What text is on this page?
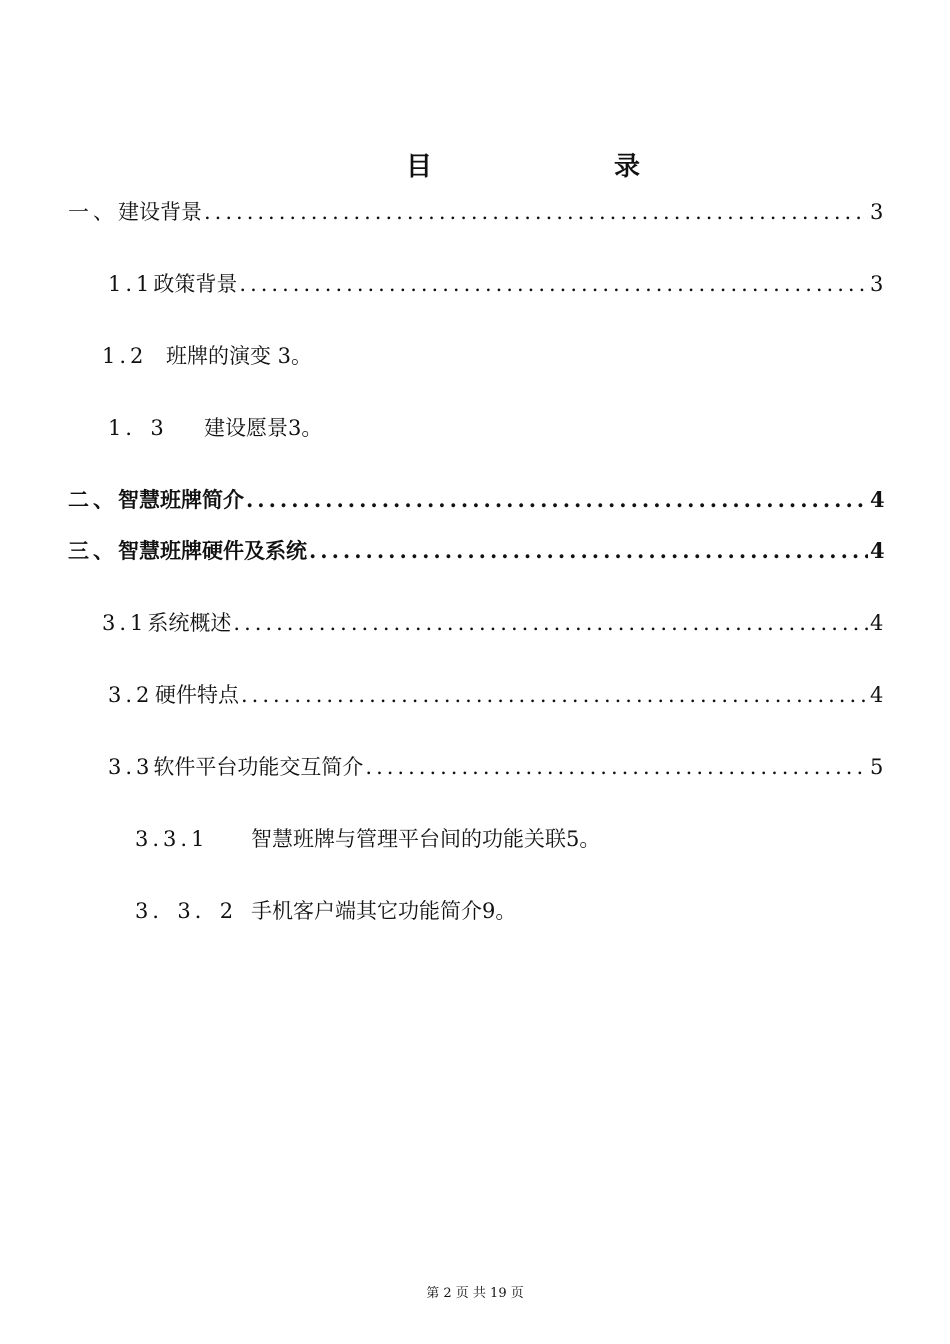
目　录
一、 建设背景 .....	3
1.1 政策背景 .....	3
1.2 班牌的演变 3。
1．3	建设愿景3。
二、 智慧班牌简介 .....	4
三、 智慧班牌硬件及系统 .....	4
3.1 系统概述 .....	4
3.2 硬件特点 .....	4
3.3 软件平台功能交互简介 .....	5
3.3.1	智慧班牌与管理平台间的功能关联5。
3．3．2 手机客户端其它功能简介9。
第 2 页 共 19 页
